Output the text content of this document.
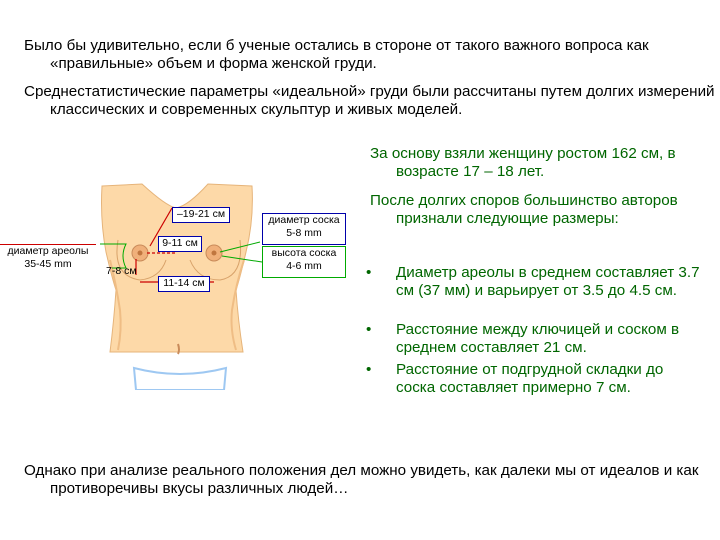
Было бы удивительно, если б ученые остались в стороне от такого важного вопроса как «правильные» объем и форма женской груди.
Среднестатистические параметры «идеальной» груди были рассчитаны путем долгих измерений классических и современных скульптур и живых моделей.
За основу взяли женщину ростом 162 см, в возрасте 17 – 18 лет.
После долгих споров большинство авторов признали следующие размеры:
• Диаметр ареолы в среднем составляет 3.7 см (37 мм) и варьирует от 3.5 до 4.5 см.
• Расстояние между ключицей и соском в среднем составляет 21 см.
• Расстояние от подгрудной складки до соска составляет примерно 7 см.
–19-21 см	диаметр соска
5-8 mm
диаметр ареолы
35-45 mm
9-11 см
высота соска
4-6 mm
7-8 см
11-14 см
Однако при анализе реального положения дел можно увидеть, как далеки мы от идеалов и как противоречивы вкусы различных людей…
